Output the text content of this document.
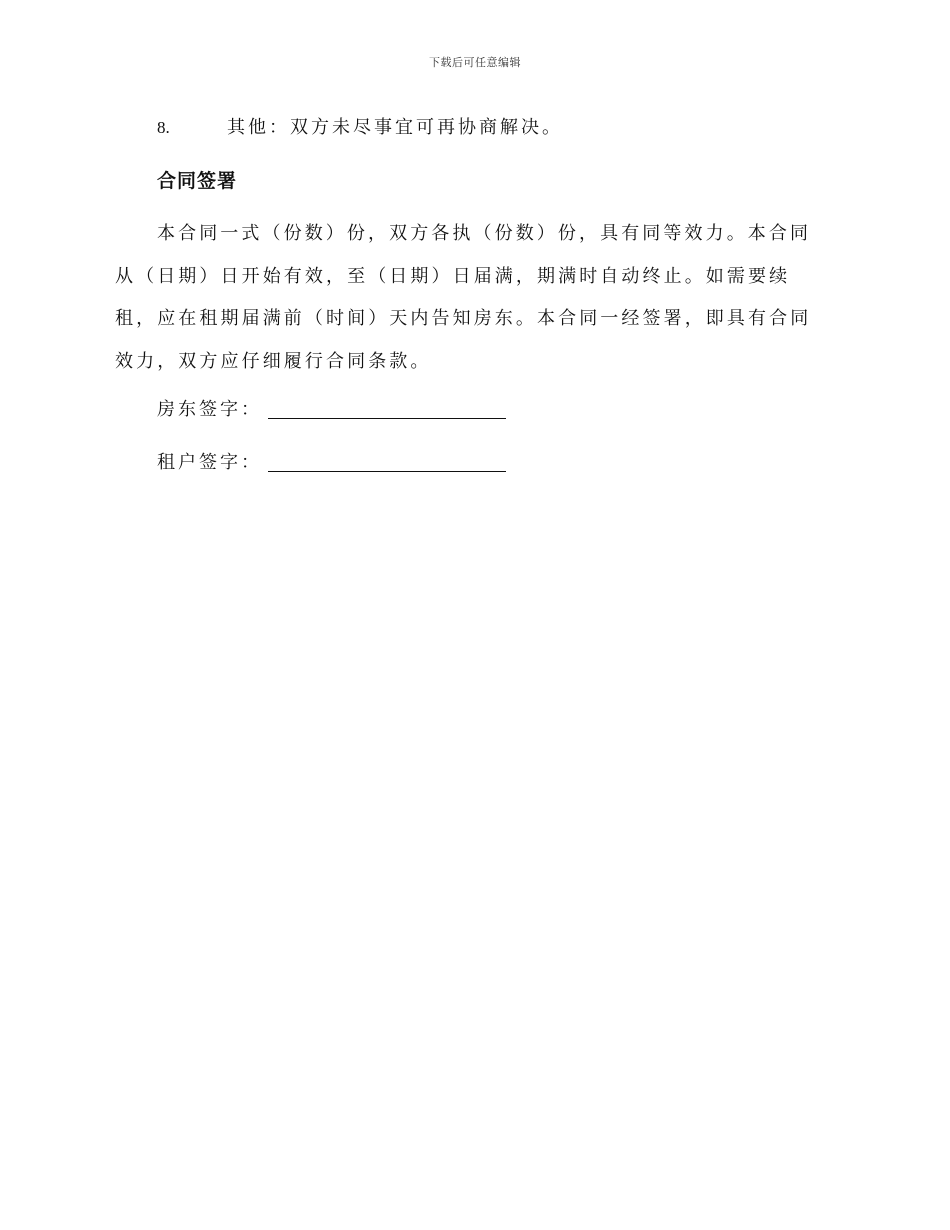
下载后可任意编辑
8.	其他：双方未尽事宜可再协商解决。
合同签署
本合同一式（份数）份，双方各执（份数）份，具有同等效力。本合同
从（日期）日开始有效，至（日期）日届满，期满时自动终止。如需要续
租，应在租期届满前（时间）天内告知房东。本合同一经签署，即具有合同
效力，双方应仔细履行合同条款。
房东签字：
租户签字：
